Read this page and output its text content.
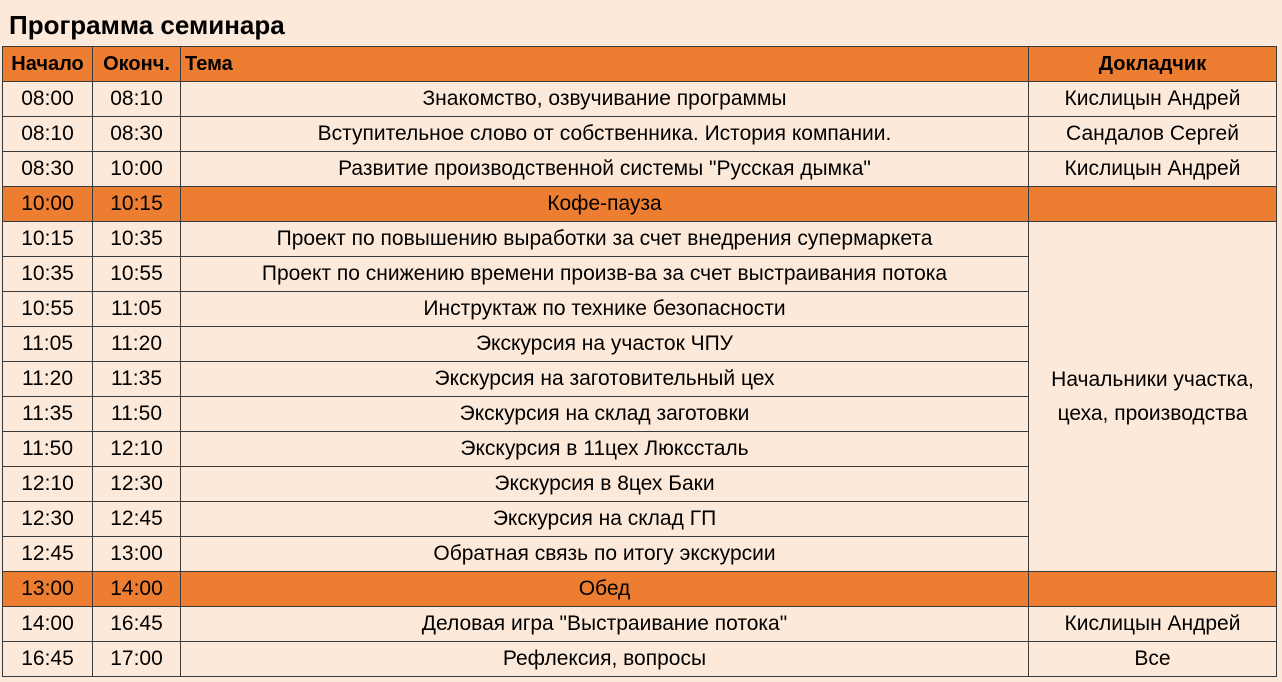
Программа семинара
Начало	Оконч.	Тема	Докладчик
08:00	08:10	Знакомство, озвучивание программы	Кислицын Андрей
08:10	08:30	Вступительное слово от собственника. История компании.	Сандалов Сергей
08:30	10:00	Развитие производственной системы "Русская дымка"	Кислицын Андрей
10:00	10:15	Кофе-пауза	
10:15	10:35	Проект по повышению выработки за счет внедрения супермаркета	Начальники участка,
цеха, производства
10:35	10:55	Проект по снижению времени произв-ва за счет выстраивания потока	
10:55	11:05	Инструктаж по технике безопасности	
11:05	11:20	Экскурсия на участок ЧПУ	
11:20	11:35	Экскурсия на заготовительный цех	
11:35	11:50	Экскурсия на склад заготовки	
11:50	12:10	Экскурсия в 11цех Люкссталь	
12:10	12:30	Экскурсия в 8цех Баки	
12:30	12:45	Экскурсия на склад ГП	
12:45	13:00	Обратная связь по итогу экскурсии	
13:00	14:00	Обед	
14:00	16:45	Деловая игра "Выстраивание потока"	Кислицын Андрей
16:45	17:00	Рефлексия, вопросы	Все
